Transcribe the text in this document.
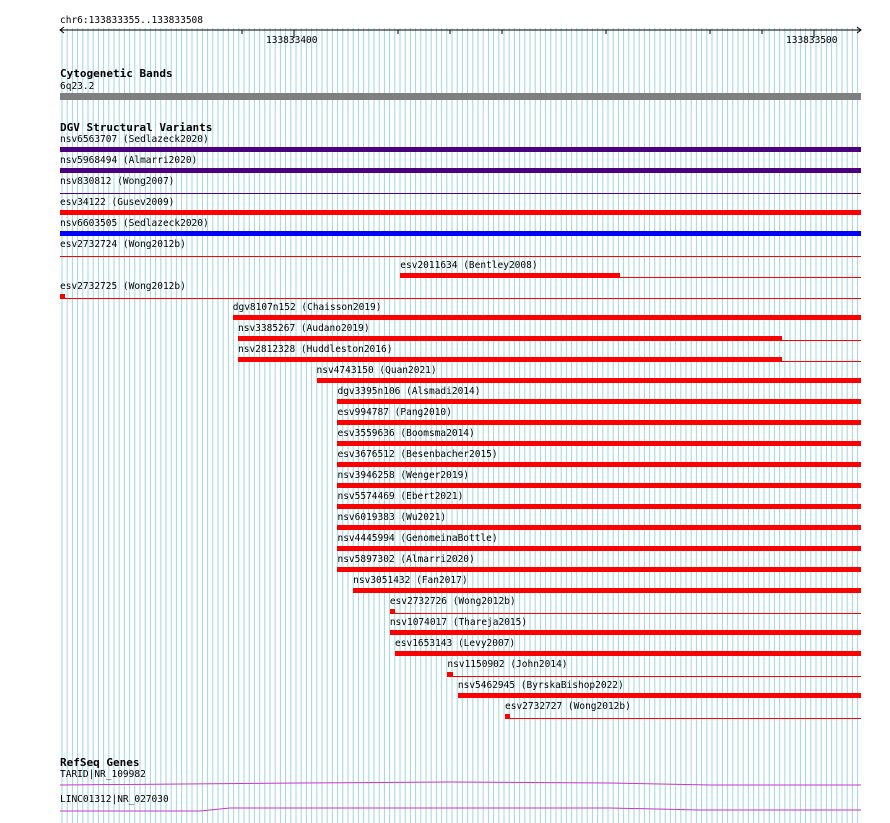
chr6:133833355..133833508
133833400	133833500
Cytogenetic Bands
6q23.2
DGV Structural Variants
nsv6563707 (Sedlazeck2020)
nsv5968494 (Almarri2020)
nsv830812 (Wong2007)
esv34122 (Gusev2009)
nsv6603505 (Sedlazeck2020)
esv2732724 (Wong2012b)
esv2011634 (Bentley2008)
esv2732725 (Wong2012b)
dgv8107n152 (Chaisson2019)
nsv3385267 (Audano2019)
nsv2812328 (Huddleston2016)
nsv4743150 (Quan2021)
dgv3395n106 (Alsmadi2014)
esv994787 (Pang2010)
esv3559636 (Boomsma2014)
esv3676512 (Besenbacher2015)
nsv3946258 (Wenger2019)
nsv5574469 (Ebert2021)
nsv6019383 (Wu2021)
nsv4445994 (GenomeinaBottle)
nsv5897302 (Almarri2020)
nsv3051432 (Fan2017)
esv2732726 (Wong2012b)
nsv1074017 (Thareja2015)
esv1653143 (Levy2007)
nsv1150902 (John2014)
nsv5462945 (ByrskaBishop2022)
esv2732727 (Wong2012b)
RefSeq Genes
TARID|NR_109982
LINC01312|NR_027030
